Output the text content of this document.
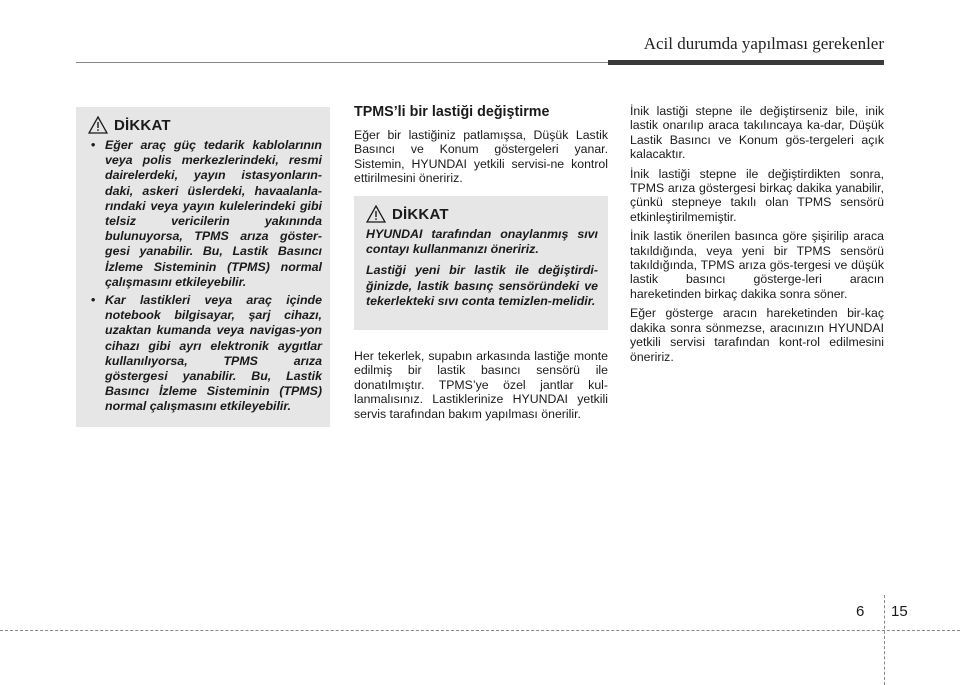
Acil durumda yapılması gerekenler
DİKKAT
• Eğer araç güç tedarik kablolarının veya polis merkezlerindeki, resmi dairelerdeki, yayın istasyonların-daki, askeri üslerdeki, havaalanla-rındaki veya yayın kulelerindeki gibi telsiz vericilerin yakınında bulunuyorsa, TPMS arıza göster-gesi yanabilir. Bu, Lastik Basıncı İzleme Sisteminin (TPMS) normal çalışmasını etkileyebilir.
• Kar lastikleri veya araç içinde notebook bilgisayar, şarj cihazı, uzaktan kumanda veya navigas-yon cihazı gibi ayrı elektronik aygıtlar kullanılıyorsa, TPMS arıza göstergesi yanabilir. Bu, Lastik Basıncı İzleme Sisteminin (TPMS) normal çalışmasını etkileyebilir.
TPMS’li bir lastiği değiştirme

Eğer bir lastiğiniz patlamışsa, Düşük Lastik Basıncı ve Konum göstergeleri yanar. Sistemin, HYUNDAI yetkili servisi-ne kontrol ettirilmesini öneririz.

DİKKAT

HYUNDAI tarafından onaylanmış sıvı contayı kullanmanızı öneririz.

Lastiği yeni bir lastik ile değiştirdi-ğinizde, lastik basınç sensöründeki ve tekerlekteki sıvı conta temizlen-melidir.

Her tekerlek, supabın arkasında lastiğe monte edilmiş bir lastik basıncı sensörü ile donatılmıştır. TPMS’ye özel jantlar kul-lanmalısınız. Lastiklerinize HYUNDAI yetkili servis tarafından bakım yapılması önerilir.

İnik lastiği stepne ile değiştirseniz bile, inik lastik onarılıp araca takılıncaya ka-dar, Düşük Lastik Basıncı ve Konum gös-tergeleri açık kalacaktır.

İnik lastiği stepne ile değiştirdikten sonra, TPMS arıza göstergesi birkaç dakika yanabilir, çünkü stepneye takılı olan TPMS sensörü etkinleştirilmemiştir.

İnik lastik önerilen basınca göre şişirilip araca takıldığında, veya yeni bir TPMS sensörü takıldığında, TPMS arıza gös-tergesi ve düşük lastik basıncı gösterge-leri aracın hareketinden birkaç dakika sonra söner.

Eğer gösterge aracın hareketinden bir-kaç dakika sonra sönmezse, aracınızın HYUNDAI yetkili servisi tarafından kont-rol edilmesini öneririz.

6 15
